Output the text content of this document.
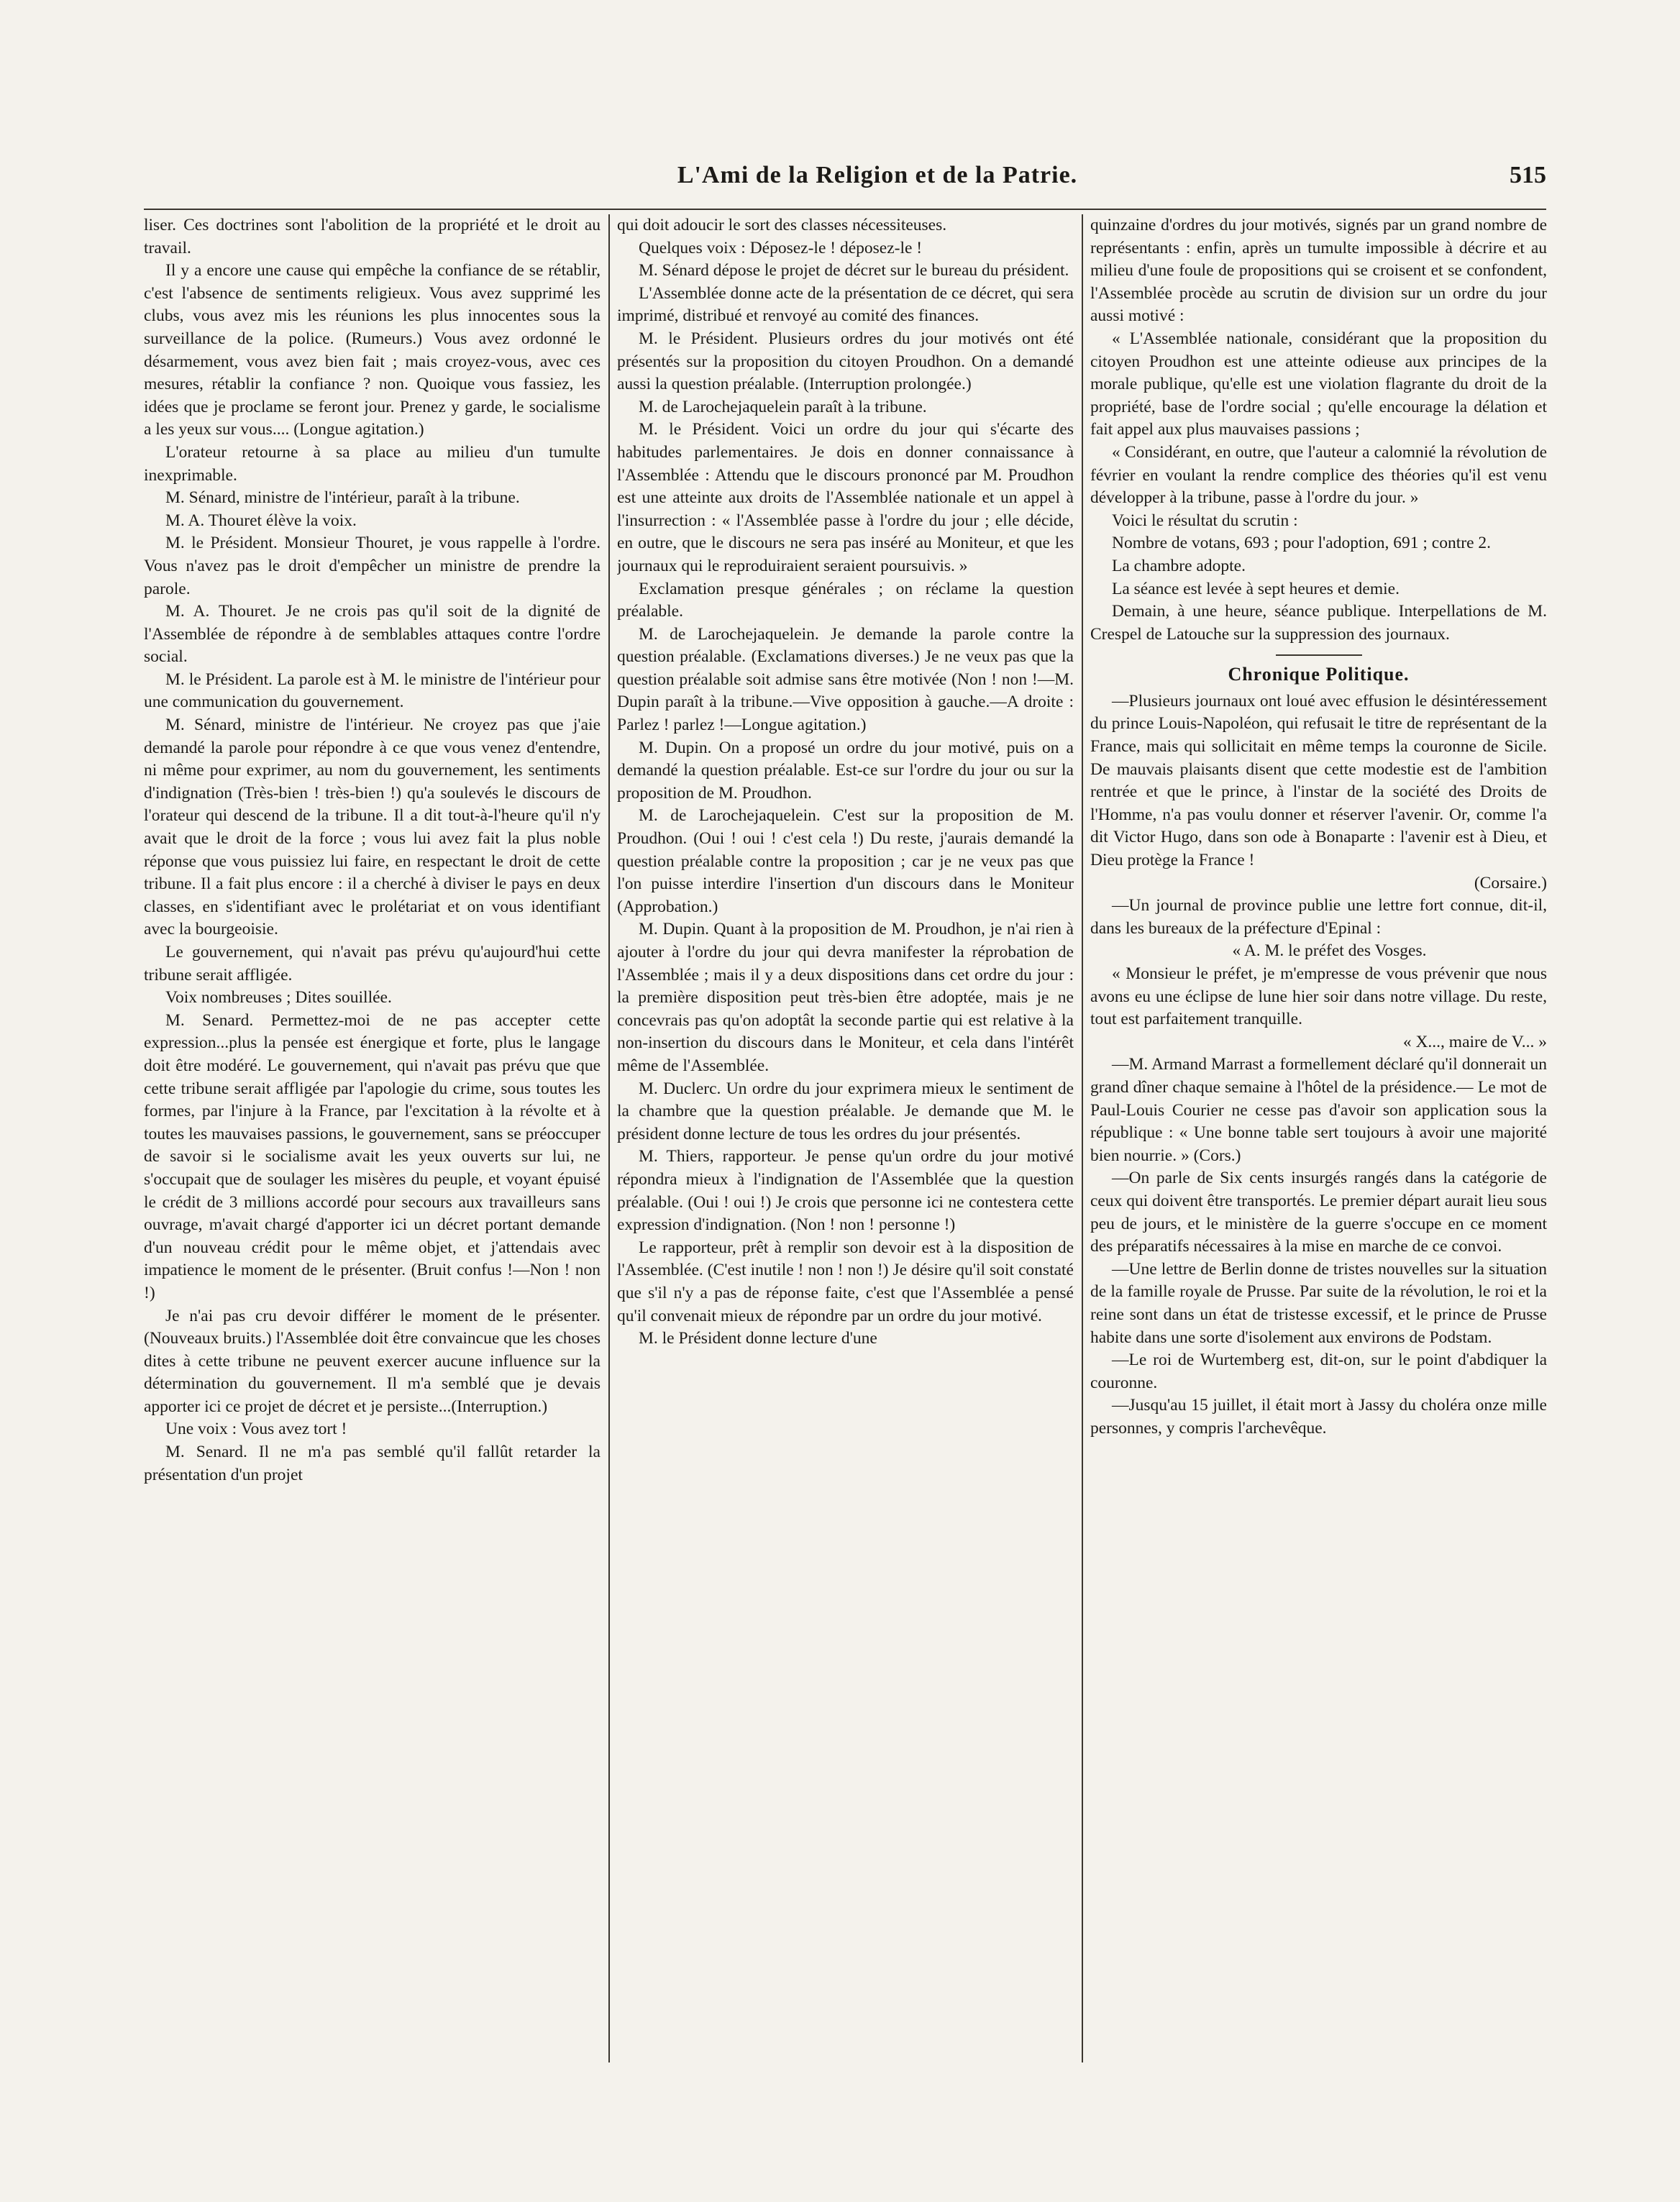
L'Ami de la Religion et de la Patrie.	515

liser. Ces doctrines sont l'abolition de la propriété et le droit au travail.

Il y a encore une cause qui empêche la confiance de se rétablir, c'est l'absence de sentiments religieux. Vous avez supprimé les clubs, vous avez mis les réunions les plus innocentes sous la surveillance de la police. (Rumeurs.) Vous avez ordonné le désarmement, vous avez bien fait ; mais croyez-vous, avec ces mesures, rétablir la confiance ? non. Quoique vous fassiez, les idées que je proclame se feront jour. Prenez y garde, le socialisme a les yeux sur vous.... (Longue agitation.)

L'orateur retourne à sa place au milieu d'un tumulte inexprimable.

M. Sénard, ministre de l'intérieur, paraît à la tribune.

M. A. Thouret élève la voix.

M. le Président. Monsieur Thouret, je vous rappelle à l'ordre. Vous n'avez pas le droit d'empêcher un ministre de prendre la parole.

M. A. Thouret. Je ne crois pas qu'il soit de la dignité de l'Assemblée de répondre à de semblables attaques contre l'ordre social.

M. le Président. La parole est à M. le ministre de l'intérieur pour une communication du gouvernement.

M. Sénard, ministre de l'intérieur. Ne croyez pas que j'aie demandé la parole pour répondre à ce que vous venez d'entendre, ni même pour exprimer, au nom du gouvernement, les sentiments d'indignation (Très-bien ! très-bien !) qu'a soulevés le discours de l'orateur qui descend de la tribune. Il a dit tout-à-l'heure qu'il n'y avait que le droit de la force ; vous lui avez fait la plus noble réponse que vous puissiez lui faire, en respectant le droit de cette tribune. Il a fait plus encore : il a cherché à diviser le pays en deux classes, en s'identifiant avec le prolétariat et on vous identifiant avec la bourgeoisie.

Le gouvernement, qui n'avait pas prévu qu'aujourd'hui cette tribune serait affligée.

Voix nombreuses ; Dites souillée.

M. Senard. Permettez-moi de ne pas accepter cette expression...plus la pensée est énergique et forte, plus le langage doit être modéré. Le gouvernement, qui n'avait pas prévu que que cette tribune serait affligée par l'apologie du crime, sous toutes les formes, par l'injure à la France, par l'excitation à la révolte et à toutes les mauvaises passions, le gouvernement, sans se préoccuper de savoir si le socialisme avait les yeux ouverts sur lui, ne s'occupait que de soulager les misères du peuple, et voyant épuisé le crédit de 3 millions accordé pour secours aux travailleurs sans ouvrage, m'avait chargé d'apporter ici un décret portant demande d'un nouveau crédit pour le même objet, et j'attendais avec impatience le moment de le présenter. (Bruit confus !—Non ! non !)

Je n'ai pas cru devoir différer le moment de le présenter. (Nouveaux bruits.) l'Assemblée doit être convaincue que les choses dites à cette tribune ne peuvent exercer aucune influence sur la détermination du gouvernement. Il m'a semblé que je devais apporter ici ce projet de décret et je persiste...(Interruption.)

Une voix : Vous avez tort !

M. Senard. Il ne m'a pas semblé qu'il fallût retarder la présentation d'un projet

qui doit adoucir le sort des classes nécessiteuses.

Quelques voix : Déposez-le ! déposez-le !

M. Sénard dépose le projet de décret sur le bureau du président.

L'Assemblée donne acte de la présentation de ce décret, qui sera imprimé, distribué et renvoyé au comité des finances.

M. le Président. Plusieurs ordres du jour motivés ont été présentés sur la proposition du citoyen Proudhon. On a demandé aussi la question préalable. (Interruption prolongée.)

M. de Larochejaquelein paraît à la tribune.

M. le Président. Voici un ordre du jour qui s'écarte des habitudes parlementaires. Je dois en donner connaissance à l'Assemblée : Attendu que le discours prononcé par M. Proudhon est une atteinte aux droits de l'Assemblée nationale et un appel à l'insurrection : « l'Assemblée passe à l'ordre du jour ; elle décide, en outre, que le discours ne sera pas inséré au Moniteur, et que les journaux qui le reproduiraient seraient poursuivis. »

Exclamation presque générales ; on réclame la question préalable.

M. de Larochejaquelein. Je demande la parole contre la question préalable. (Exclamations diverses.) Je ne veux pas que la question préalable soit admise sans être motivée (Non ! non !—M. Dupin paraît à la tribune.—Vive opposition à gauche.—A droite : Parlez ! parlez !—Longue agitation.)

M. Dupin. On a proposé un ordre du jour motivé, puis on a demandé la question préalable. Est-ce sur l'ordre du jour ou sur la proposition de M. Proudhon.

M. de Larochejaquelein. C'est sur la proposition de M. Proudhon. (Oui ! oui ! c'est cela !) Du reste, j'aurais demandé la question préalable contre la proposition ; car je ne veux pas que l'on puisse interdire l'insertion d'un discours dans le Moniteur (Approbation.)

M. Dupin. Quant à la proposition de M. Proudhon, je n'ai rien à ajouter à l'ordre du jour qui devra manifester la réprobation de l'Assemblée ; mais il y a deux dispositions dans cet ordre du jour : la première disposition peut très-bien être adoptée, mais je ne concevrais pas qu'on adoptât la seconde partie qui est relative à la non-insertion du discours dans le Moniteur, et cela dans l'intérêt même de l'Assemblée.

M. Duclerc. Un ordre du jour exprimera mieux le sentiment de la chambre que la question préalable. Je demande que M. le président donne lecture de tous les ordres du jour présentés.

M. Thiers, rapporteur. Je pense qu'un ordre du jour motivé répondra mieux à l'indignation de l'Assemblée que la question préalable. (Oui ! oui !) Je crois que personne ici ne contestera cette expression d'indignation. (Non ! non ! personne !)

Le rapporteur, prêt à remplir son devoir est à la disposition de l'Assemblée. (C'est inutile ! non ! non !) Je désire qu'il soit constaté que s'il n'y a pas de réponse faite, c'est que l'Assemblée a pensé qu'il convenait mieux de répondre par un ordre du jour motivé.

M. le Président donne lecture d'une

quinzaine d'ordres du jour motivés, signés par un grand nombre de représentants : enfin, après un tumulte impossible à décrire et au milieu d'une foule de propositions qui se croisent et se confondent, l'Assemblée procède au scrutin de division sur un ordre du jour aussi motivé :

« L'Assemblée nationale, considérant que la proposition du citoyen Proudhon est une atteinte odieuse aux principes de la morale publique, qu'elle est une violation flagrante du droit de la propriété, base de l'ordre social ; qu'elle encourage la délation et fait appel aux plus mauvaises passions ;

« Considérant, en outre, que l'auteur a calomnié la révolution de février en voulant la rendre complice des théories qu'il est venu développer à la tribune, passe à l'ordre du jour. »

Voici le résultat du scrutin :

Nombre de votans, 693 ; pour l'adoption, 691 ; contre 2.

La chambre adopte.

La séance est levée à sept heures et demie.

Demain, à une heure, séance publique. Interpellations de M. Crespel de Latouche sur la suppression des journaux.

Chronique Politique.

—Plusieurs journaux ont loué avec effusion le désintéressement du prince Louis-Napoléon, qui refusait le titre de représentant de la France, mais qui sollicitait en même temps la couronne de Sicile. De mauvais plaisants disent que cette modestie est de l'ambition rentrée et que le prince, à l'instar de la société des Droits de l'Homme, n'a pas voulu donner et réserver l'avenir. Or, comme l'a dit Victor Hugo, dans son ode à Bonaparte : l'avenir est à Dieu, et Dieu protège la France !

(Corsaire.)

—Un journal de province publie une lettre fort connue, dit-il, dans les bureaux de la préfecture d'Epinal :

« A. M. le préfet des Vosges.

« Monsieur le préfet, je m'empresse de vous prévenir que nous avons eu une éclipse de lune hier soir dans notre village. Du reste, tout est parfaitement tranquille.

« X..., maire de V... »

—M. Armand Marrast a formellement déclaré qu'il donnerait un grand dîner chaque semaine à l'hôtel de la présidence.— Le mot de Paul-Louis Courier ne cesse pas d'avoir son application sous la république : « Une bonne table sert toujours à avoir une majorité bien nourrie. » (Cors.)

—On parle de Six cents insurgés rangés dans la catégorie de ceux qui doivent être transportés. Le premier départ aurait lieu sous peu de jours, et le ministère de la guerre s'occupe en ce moment des préparatifs nécessaires à la mise en marche de ce convoi.

—Une lettre de Berlin donne de tristes nouvelles sur la situation de la famille royale de Prusse. Par suite de la révolution, le roi et la reine sont dans un état de tristesse excessif, et le prince de Prusse habite dans une sorte d'isolement aux environs de Podstam.

—Le roi de Wurtemberg est, dit-on, sur le point d'abdiquer la couronne.

—Jusqu'au 15 juillet, il était mort à Jassy du choléra onze mille personnes, y compris l'archevêque.
